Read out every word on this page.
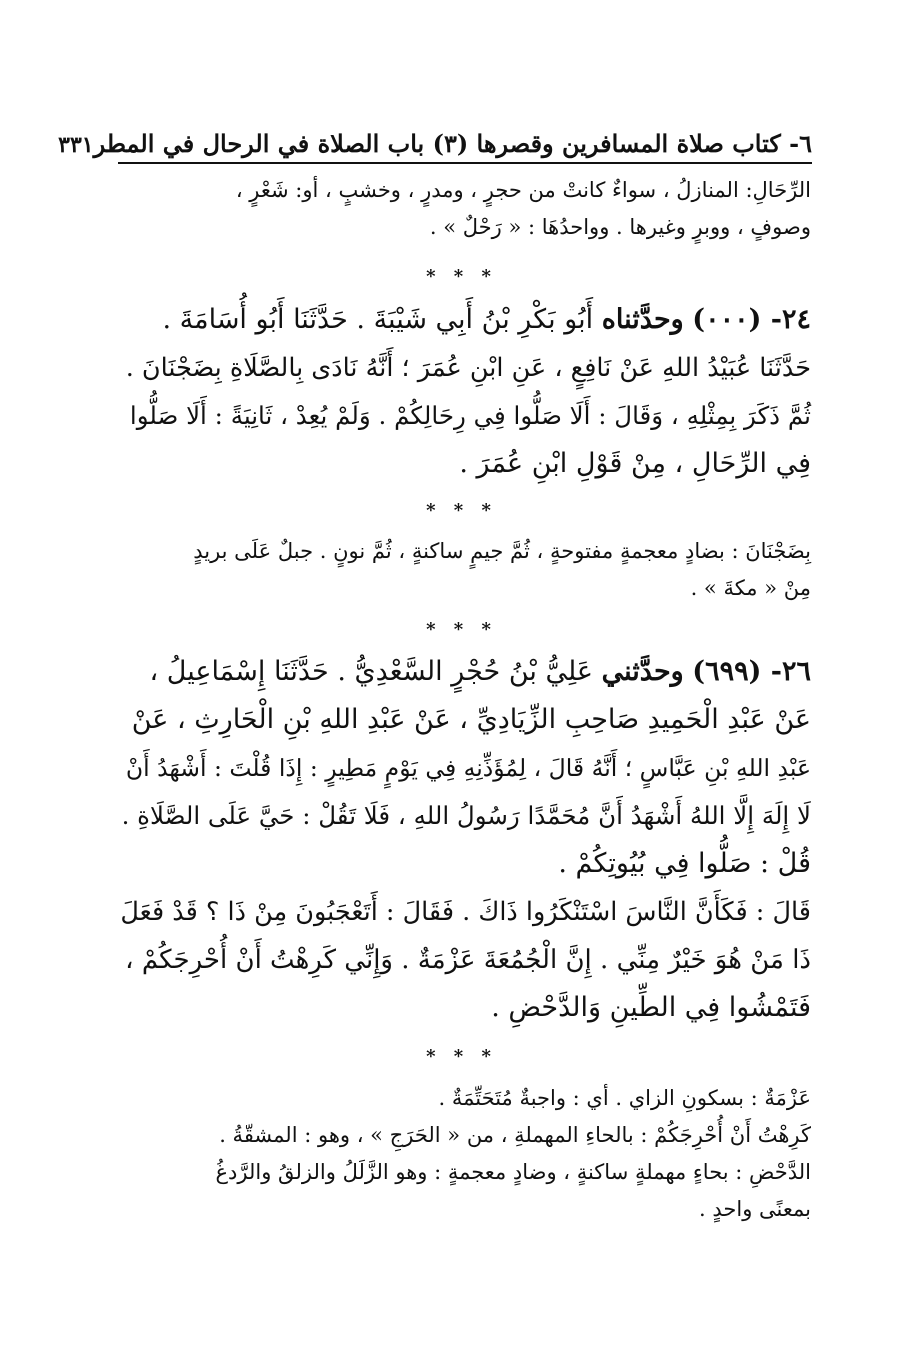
٦- كتاب صلاة المسافرين وقصرها (٣) باب الصلاة في الرحال في المطر
٣٣١
الرِّحَالِ: المنازلُ ، سواءٌ كانتْ من حجرٍ ، ومدرٍ ، وخشبٍ ، أو: شَعْرٍ ،
وصوفٍ ، ووبرٍ وغيرها . وواحدُهَا : « رَحْلٌ » .
* * *
٢٤- (٠٠٠) وحدَّثناه أَبُو بَكْرِ بْنُ أَبِي شَيْبَةَ . حَدَّثَنَا أَبُو أُسَامَةَ .
حَدَّثَنَا عُبَيْدُ اللهِ عَنْ نَافِعٍ ، عَنِ ابْنِ عُمَرَ ؛ أَنَّهُ نَادَى بِالصَّلَاةِ بِضَجْنَانَ .
ثُمَّ ذَكَرَ بِمِثْلِهِ ، وَقَالَ : أَلَا صَلُّوا فِي رِحَالِكُمْ . وَلَمْ يُعِدْ ، ثَانِيَةً : أَلَا صَلُّوا
فِي الرِّحَالِ ، مِنْ قَوْلِ ابْنِ عُمَرَ .
* * *
بِضَجْنَانَ : بضادٍ معجمةٍ مفتوحةٍ ، ثُمَّ جيمٍ ساكنةٍ ، ثُمَّ نونٍ . جبلٌ عَلَى بريدٍ
مِنْ « مكةَ » .
* * *
٢٦- (٦٩٩) وحدَّثني عَلِيُّ بْنُ حُجْرٍ السَّعْدِيُّ . حَدَّثَنَا إِسْمَاعِيلُ ،
عَنْ عَبْدِ الْحَمِيدِ صَاحِبِ الزِّيَادِيِّ ، عَنْ عَبْدِ اللهِ بْنِ الْحَارِثِ ، عَنْ
عَبْدِ اللهِ بْنِ عَبَّاسٍ ؛ أَنَّهُ قَالَ ، لِمُؤَذِّنِهِ فِي يَوْمٍ مَطِيرٍ : إِذَا قُلْتَ : أَشْهَدُ أَنْ
لَا إِلَهَ إِلَّا اللهُ أَشْهَدُ أَنَّ مُحَمَّدًا رَسُولُ اللهِ ، فَلَا تَقُلْ : حَيَّ عَلَى الصَّلَاةِ .
قُلْ : صَلُّوا فِي بُيُوتِكُمْ .
قَالَ : فَكَأَنَّ النَّاسَ اسْتَنْكَرُوا ذَاكَ . فَقَالَ : أَتَعْجَبُونَ مِنْ ذَا ؟ قَدْ فَعَلَ
ذَا مَنْ هُوَ خَيْرٌ مِنِّي . إِنَّ الْجُمُعَةَ عَزْمَةٌ . وَإِنِّي كَرِهْتُ أَنْ أُحْرِجَكُمْ ،
فَتَمْشُوا فِي الطِّينِ وَالدَّحْضِ .
* * *
عَزْمَةٌ : بسكونِ الزاي . أي : واجبةٌ مُتَحَتِّمَةٌ .
كَرِهْتُ أَنْ أُحْرِجَكُمْ : بالحاءِ المهملةِ ، من « الحَرَجِ » ، وهو : المشقّةُ .
الدَّحْضِ : بحاءٍ مهملةٍ ساكنةٍ ، وضادٍ معجمةٍ : وهو الزَّلَلُ والزلقُ والرَّدغُ
بمعنًى واحدٍ .
